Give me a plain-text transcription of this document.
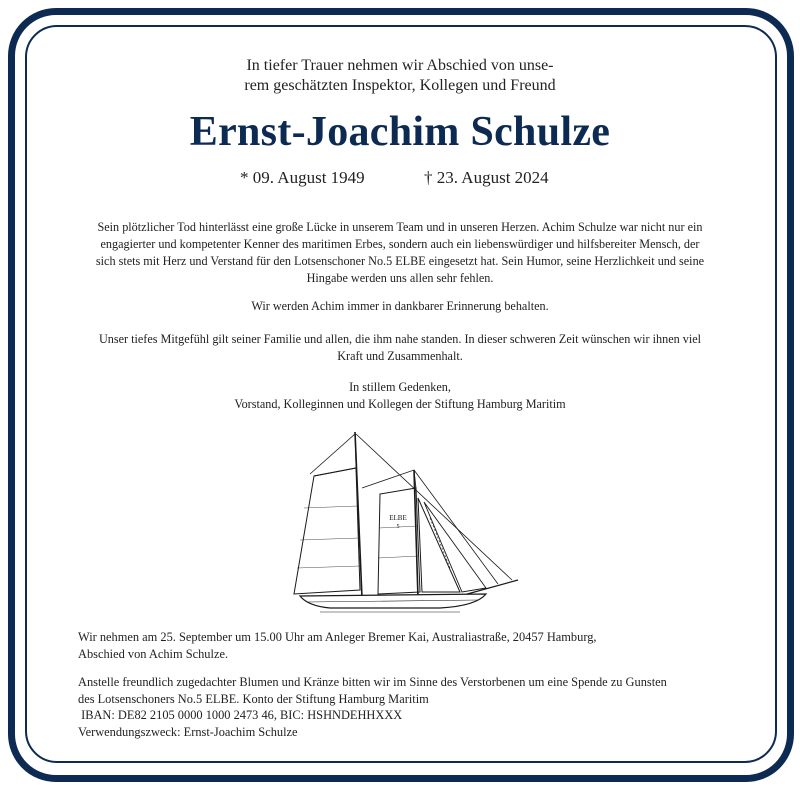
In tiefer Trauer nehmen wir Abschied von unse-
rem geschätzten Inspektor, Kollegen und Freund
Ernst-Joachim Schulze
* 09. August 1949	† 23. August 2024
Sein plötzlicher Tod hinterlässt eine große Lücke in unserem Team und in unseren Herzen. Achim Schulze war nicht nur ein
engagierter und kompetenter Kenner des maritimen Erbes, sondern auch ein liebenswürdiger und hilfsbereiter Mensch, der
sich stets mit Herz und Verstand für den Lotsenschoner No.5 ELBE eingesetzt hat. Sein Humor, seine Herzlichkeit und seine
Hingabe werden uns allen sehr fehlen.
Wir werden Achim immer in dankbarer Erinnerung behalten.
Unser tiefes Mitgefühl gilt seiner Familie und allen, die ihm nahe standen. In dieser schweren Zeit wünschen wir ihnen viel
Kraft und Zusammenhalt.
In stillem Gedenken,
Vorstand, Kolleginnen und Kollegen der Stiftung Hamburg Maritim
ELBE
5
Wir nehmen am 25. September um 15.00 Uhr am Anleger Bremer Kai, Australiastraße, 20457 Hamburg,
Abschied von Achim Schulze.
Anstelle freundlich zugedachter Blumen und Kränze bitten wir im Sinne des Verstorbenen um eine Spende zu Gunsten
des Lotsenschoners No.5 ELBE. Konto der Stiftung Hamburg Maritim
IBAN: DE82 2105 0000 1000 2473 46, BIC: HSHNDEHHXXX
Verwendungszweck: Ernst-Joachim Schulze
